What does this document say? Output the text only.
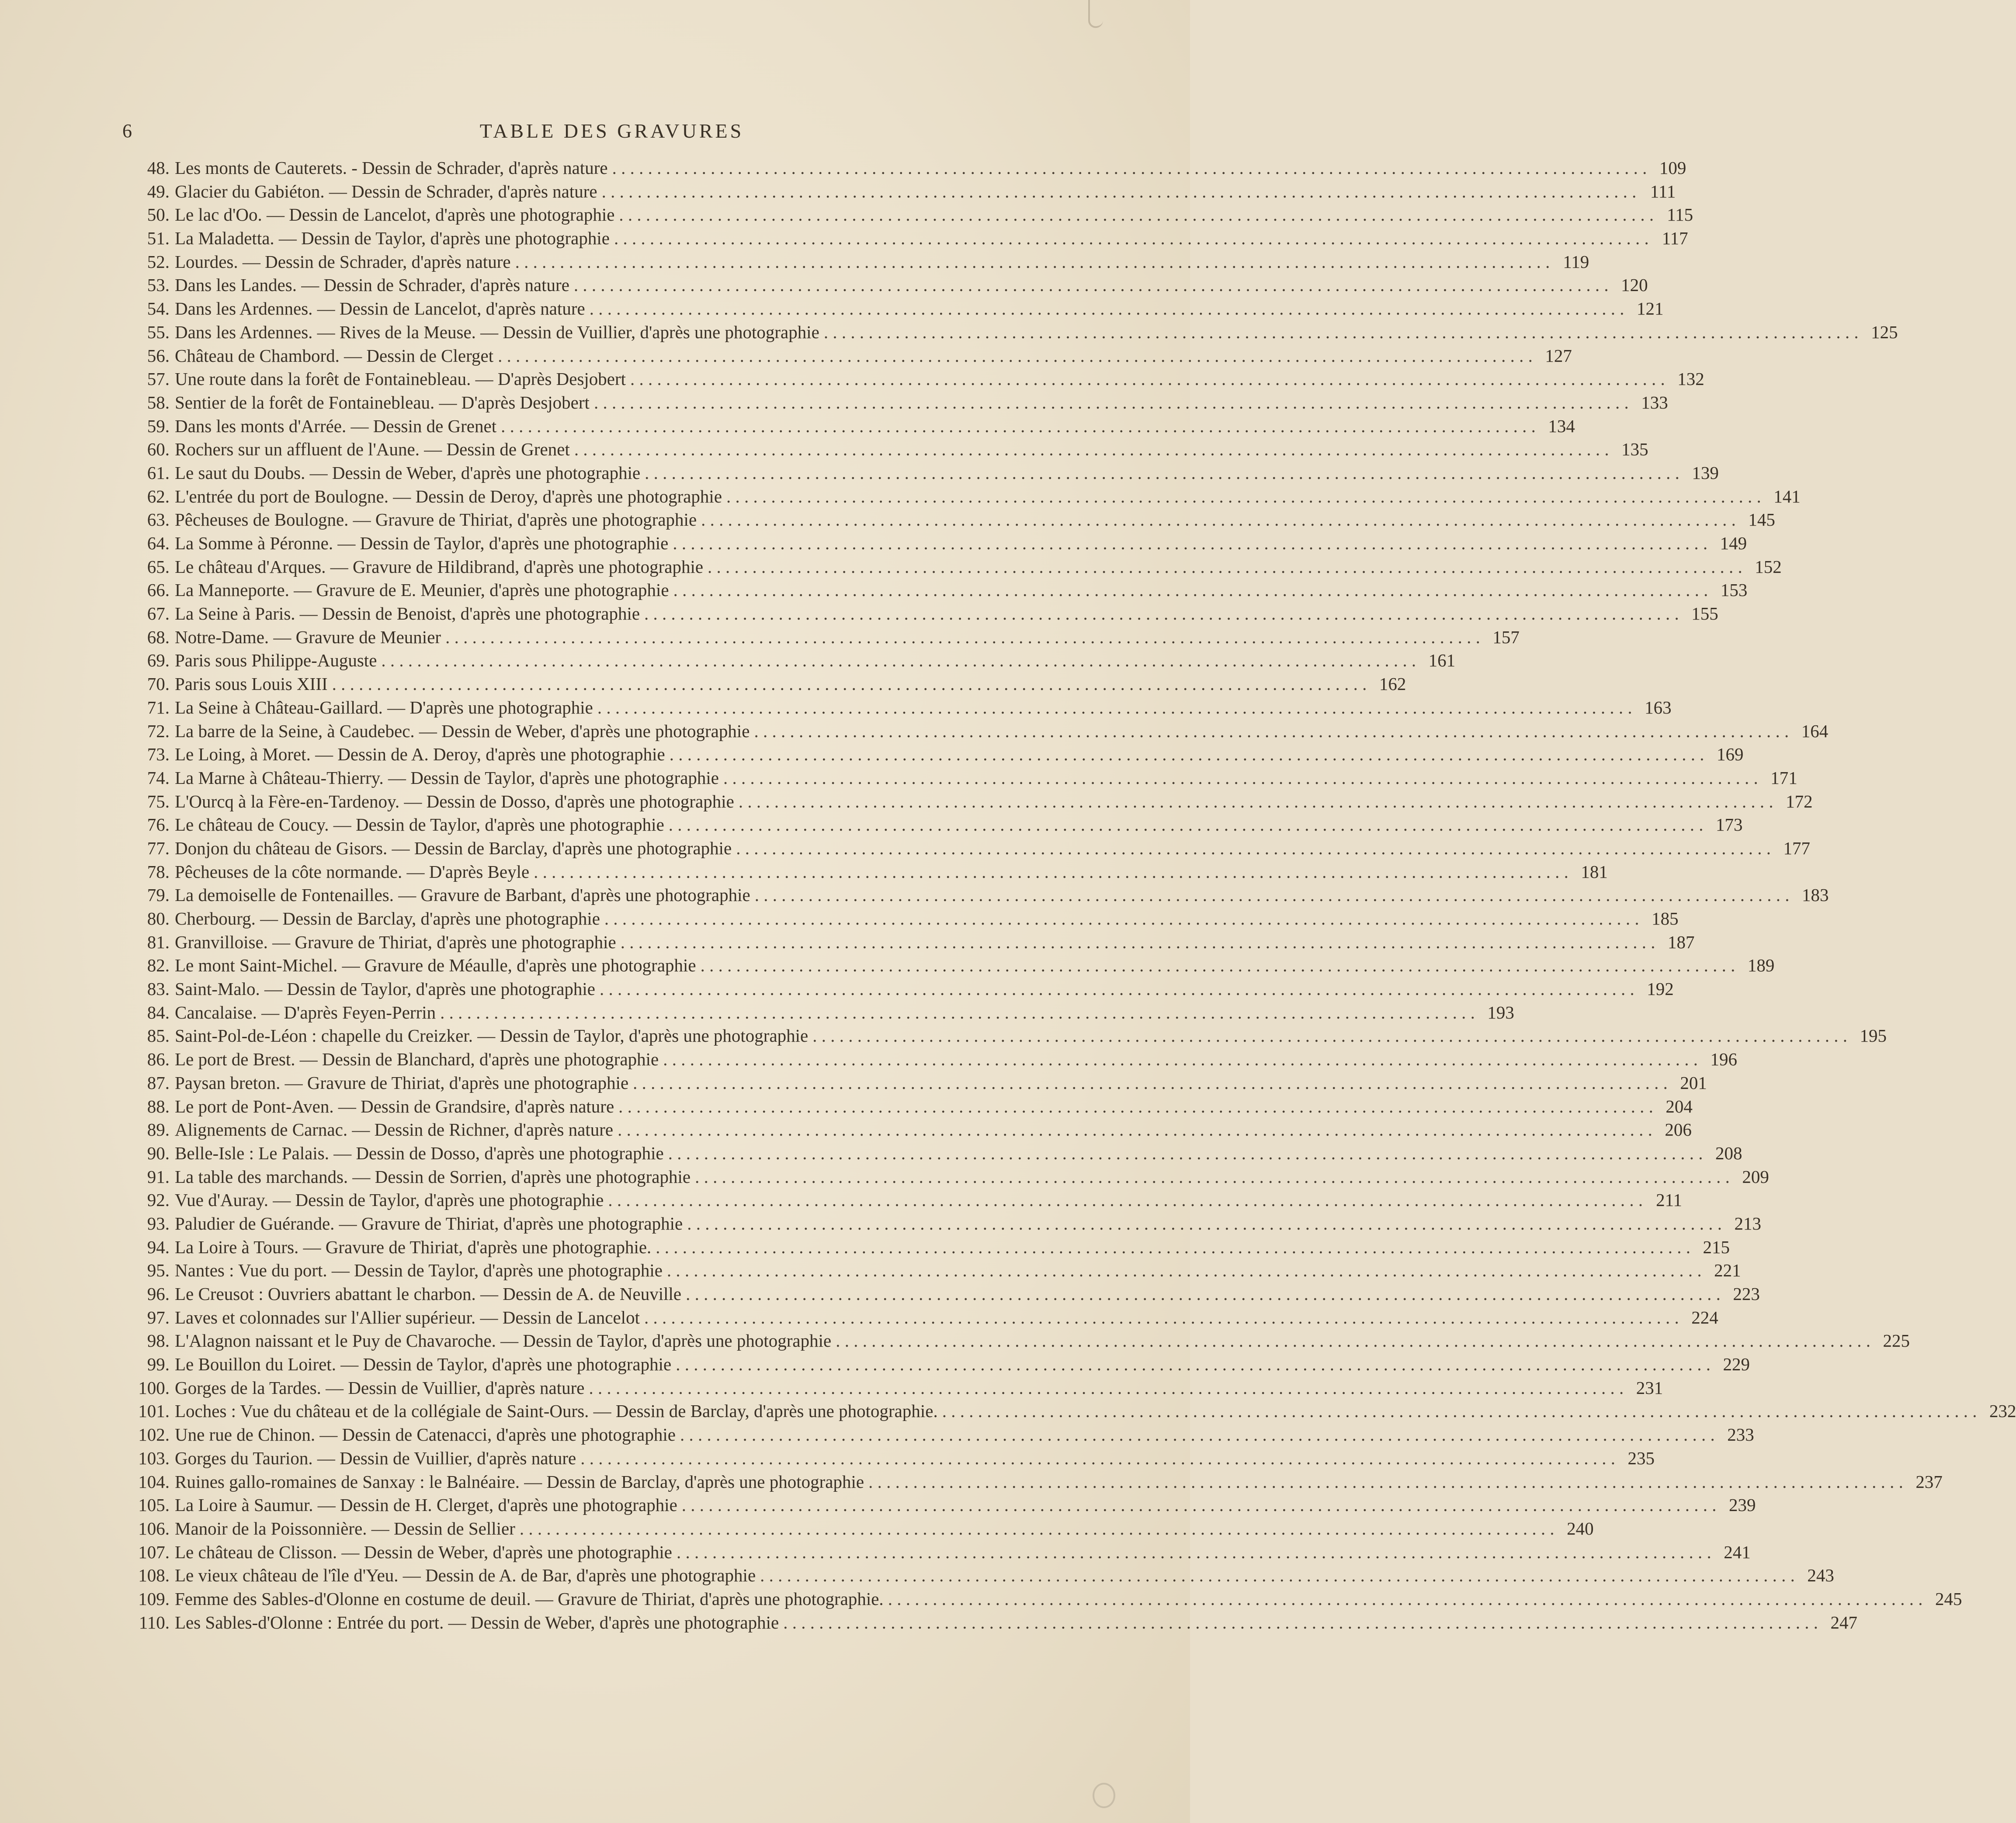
6	TABLE DES GRAVURES
48. Les monts de Cauterets. - Dessin de Schrader, d'après nature . . .	109
49. Glacier du Gabiéton. — Dessin de Schrader, d'après nature . . .	111
50. Le lac d'Oo. — Dessin de Lancelot, d'après une photographie . . .	115
51. La Maladetta. — Dessin de Taylor, d'après une photographie . . .	117
52. Lourdes. — Dessin de Schrader, d'après nature . . .	119
53. Dans les Landes. — Dessin de Schrader, d'après nature . . .	120
54. Dans les Ardennes. — Dessin de Lancelot, d'après nature . . .	121
55. Dans les Ardennes. — Rives de la Meuse. — Dessin de Vuillier, d'après une photographie . . .	125
56. Château de Chambord. — Dessin de Clerget . . .	127
57. Une route dans la forêt de Fontainebleau. — D'après Desjobert . . .	132
58. Sentier de la forêt de Fontainebleau. — D'après Desjobert . . .	133
59. Dans les monts d'Arrée. — Dessin de Grenet . . .	134
60. Rochers sur un affluent de l'Aune. — Dessin de Grenet . . .	135
61. Le saut du Doubs. — Dessin de Weber, d'après une photographie . . .	139
62. L'entrée du port de Boulogne. — Dessin de Deroy, d'après une photographie . . .	141
63. Pêcheuses de Boulogne. — Gravure de Thiriat, d'après une photographie . . .	145
64. La Somme à Péronne. — Dessin de Taylor, d'après une photographie . . .	149
65. Le château d'Arques. — Gravure de Hildibrand, d'après une photographie . . .	152
66. La Manneporte. — Gravure de E. Meunier, d'après une photographie . . .	153
67. La Seine à Paris. — Dessin de Benoist, d'après une photographie . . .	155
68. Notre-Dame. — Gravure de Meunier . . .	157
69. Paris sous Philippe-Auguste . . .	161
70. Paris sous Louis XIII . . .	162
71. La Seine à Château-Gaillard. — D'après une photographie . . .	163
72. La barre de la Seine, à Caudebec. — Dessin de Weber, d'après une photographie . . .	164
73. Le Loing, à Moret. — Dessin de A. Deroy, d'après une photographie . . .	169
74. La Marne à Château-Thierry. — Dessin de Taylor, d'après une photographie . . .	171
75. L'Ourcq à la Fère-en-Tardenoy. — Dessin de Dosso, d'après une photographie . . .	172
76. Le château de Coucy. — Dessin de Taylor, d'après une photographie . . .	173
77. Donjon du château de Gisors. — Dessin de Barclay, d'après une photographie . . .	177
78. Pêcheuses de la côte normande. — D'après Beyle . . .	181
79. La demoiselle de Fontenailles. — Gravure de Barbant, d'après une photographie . . .	183
80. Cherbourg. — Dessin de Barclay, d'après une photographie . . .	185
81. Granvilloise. — Gravure de Thiriat, d'après une photographie . . .	187
82. Le mont Saint-Michel. — Gravure de Méaulle, d'après une photographie . . .	189
83. Saint-Malo. — Dessin de Taylor, d'après une photographie . . .	192
84. Cancalaise. — D'après Feyen-Perrin . . .	193
85. Saint-Pol-de-Léon : chapelle du Creizker. — Dessin de Taylor, d'après une photographie . . .	195
86. Le port de Brest. — Dessin de Blanchard, d'après une photographie . . .	196
87. Paysan breton. — Gravure de Thiriat, d'après une photographie . . .	201
88. Le port de Pont-Aven. — Dessin de Grandsire, d'après nature . . .	204
89. Alignements de Carnac. — Dessin de Richner, d'après nature . . .	206
90. Belle-Isle : Le Palais. — Dessin de Dosso, d'après une photographie . . .	208
91. La table des marchands. — Dessin de Sorrien, d'après une photographie . . .	209
92. Vue d'Auray. — Dessin de Taylor, d'après une photographie . . .	211
93. Paludier de Guérande. — Gravure de Thiriat, d'après une photographie . . .	213
94. La Loire à Tours. — Gravure de Thiriat, d'après une photographie. . . .	215
95. Nantes : Vue du port. — Dessin de Taylor, d'après une photographie . . .	221
96. Le Creusot : Ouvriers abattant le charbon. — Dessin de A. de Neuville . . .	223
97. Laves et colonnades sur l'Allier supérieur. — Dessin de Lancelot . . .	224
98. L'Alagnon naissant et le Puy de Chavaroche. — Dessin de Taylor, d'après une photographie . . .	225
99. Le Bouillon du Loiret. — Dessin de Taylor, d'après une photographie . . .	229
100. Gorges de la Tardes. — Dessin de Vuillier, d'après nature . . .	231
101. Loches : Vue du château et de la collégiale de Saint-Ours. — Dessin de Barclay, d'après une photographie. . . .	232
102. Une rue de Chinon. — Dessin de Catenacci, d'après une photographie . . .	233
103. Gorges du Taurion. — Dessin de Vuillier, d'après nature . . .	235
104. Ruines gallo-romaines de Sanxay : le Balnéaire. — Dessin de Barclay, d'après une photographie . . .	237
105. La Loire à Saumur. — Dessin de H. Clerget, d'après une photographie . . .	239
106. Manoir de la Poissonnière. — Dessin de Sellier . . .	240
107. Le château de Clisson. — Dessin de Weber, d'après une photographie . . .	241
108. Le vieux château de l'île d'Yeu. — Dessin de A. de Bar, d'après une photographie . . .	243
109. Femme des Sables-d'Olonne en costume de deuil. — Gravure de Thiriat, d'après une photographie. . . .	245
110. Les Sables-d'Olonne : Entrée du port. — Dessin de Weber, d'après une photographie . . .	247
